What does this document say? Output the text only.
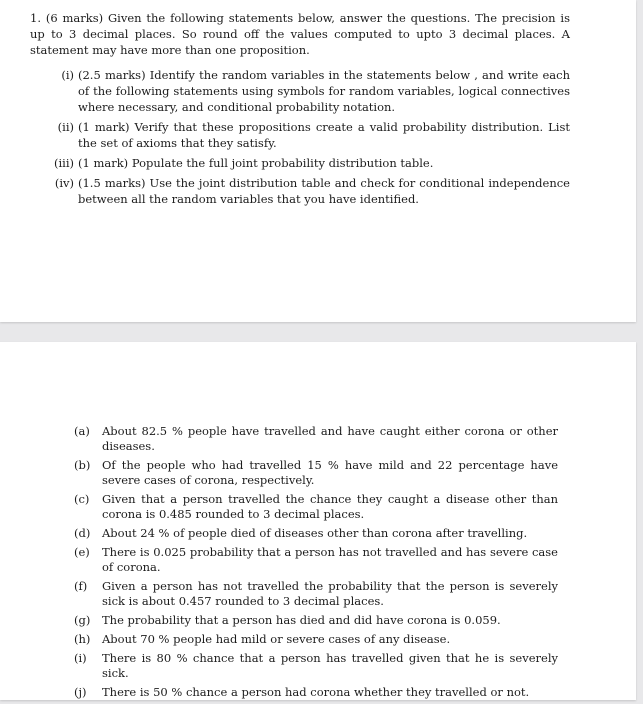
1. (6 marks) Given the following statements below, answer the questions. The precision is up to 3 decimal places. So round off the values computed to upto 3 decimal places. A statement may have more than one proposition.
(i) (2.5 marks) Identify the random variables in the statements below , and write each of the following statements using symbols for random variables, logical connectives where necessary, and conditional probability notation.
(ii) (1 mark) Verify that these propositions create a valid probability distribution. List the set of axioms that they satisfy.
(iii) (1 mark) Populate the full joint probability distribution table.
(iv) (1.5 marks) Use the joint distribution table and check for conditional independence between all the random variables that you have identified.
(a)	About 82.5 % people have travelled and have caught either corona or other diseases.
(b)	Of the people who had travelled 15 % have mild and 22 percentage have severe cases of corona, respectively.
(c)	Given that a person travelled the chance they caught a disease other than corona is 0.485 rounded to 3 decimal places.
(d)	About 24 % of people died of diseases other than corona after travelling.
(e)	There is 0.025 probability that a person has not travelled and has severe case of corona.
(f)	Given a person has not travelled the probability that the person is severely sick is about 0.457 rounded to 3 decimal places.
(g)	The probability that a person has died and did have corona is 0.059.
(h)	About 70 % people had mild or severe cases of any disease.
(i)	There is 80 % chance that a person has travelled given that he is severely sick.
(j)	There is 50 % chance a person had corona whether they travelled or not.
